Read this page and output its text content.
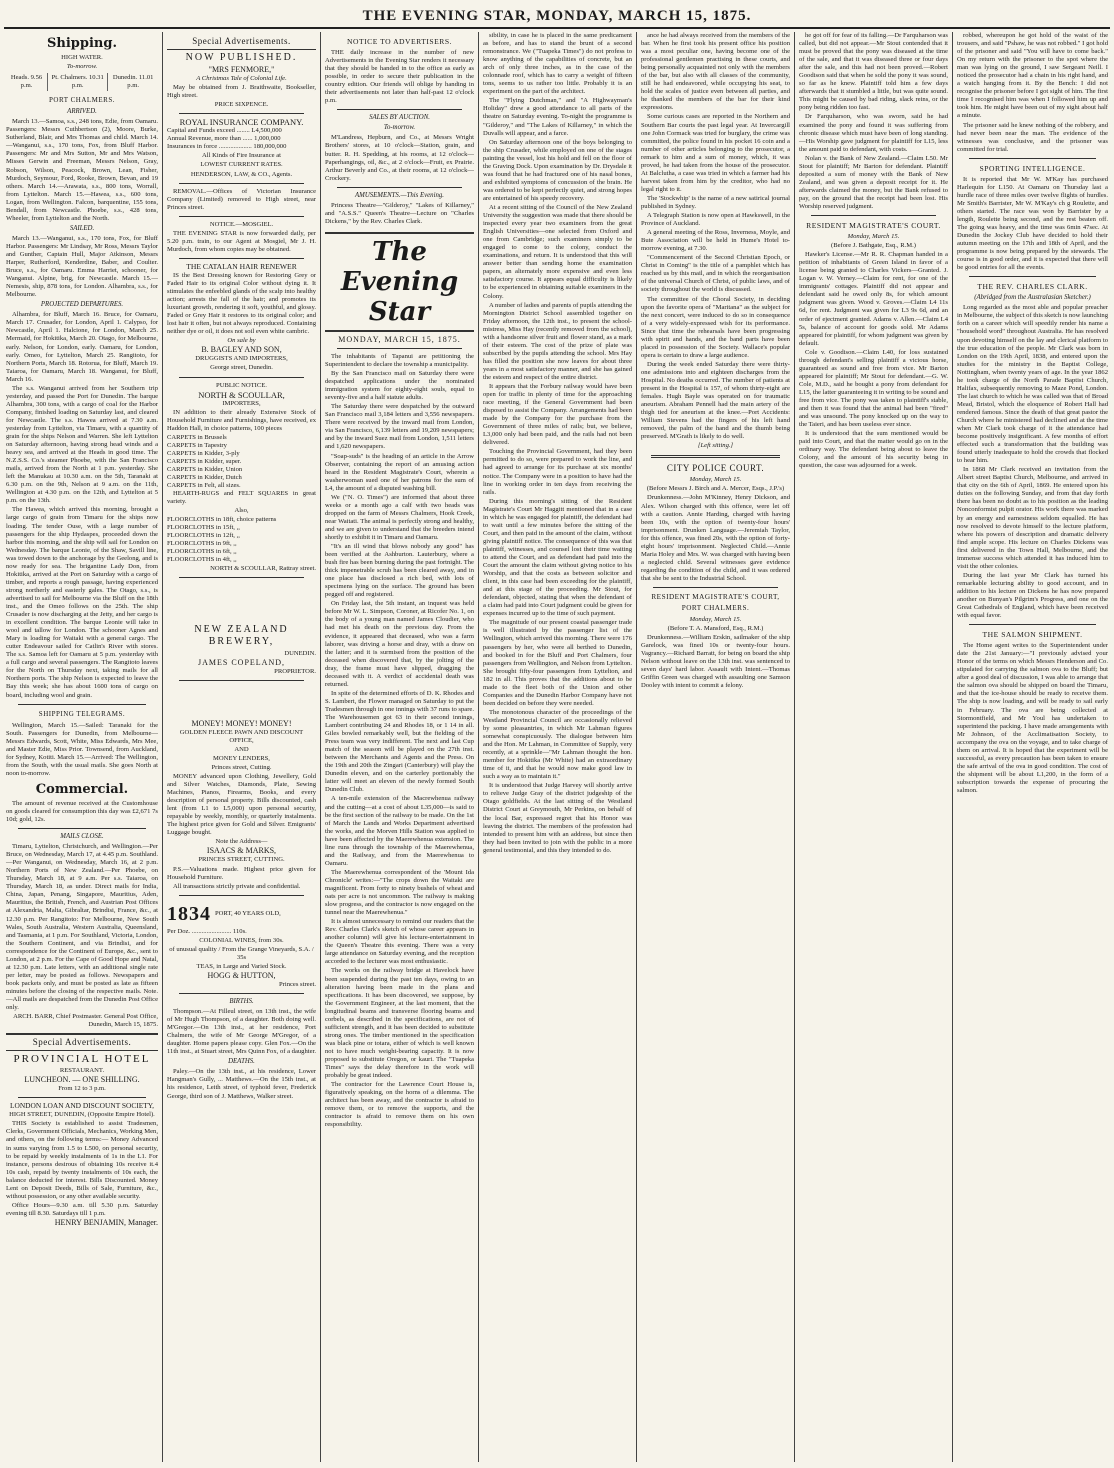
THE EVENING STAR, MONDAY, MARCH 15, 1875.
Shipping.
HIGH WATER.
To-morrow.
Heads. 9.56 p.m.	Pt. Chalmers. 10.31 p.m.	Dunedin. 11.01 p.m.
PORT CHALMERS.
ARRIVED.
March 13.—Samoa, s.s., 248 tons, Edie, from Oamaru. Passengers: Messrs Cuthbertson (2), Moore, Burke, Sutherland, Blair, and Mrs Thomas and child. March 14.—Wanganui, s.s., 170 tons, Fox, from Bluff Harbor. Passengers: Mr and Mrs Sutton, Mr and Mrs Watson, Misses Gerwin and Freeman, Messrs Nelson, Gray, Robson, Wilson, Peacock, Brown, Lean, Fisher, Murdoch, Seymour, Ford, Rooke, Brown, Bevan, and 19 others. March 14.—Arawata, s.s., 800 tons, Worrall, from Lyttelton. March 15.—Hawea, s.s., 600 tons, Logan, from Wellington. Falcon, barquentine, 155 tons, Bendall, from Newcastle. Phoebe, s.s., 428 tons, Wheeler, from Lyttelton and the North.
SAILED.
March 13.—Wanganui, s.s., 170 tons, Fox, for Bluff Harbor. Passengers: Mr Lindsay, Mr Ross, Messrs Taylor and Gunther, Captain Hull, Major Atkinson, Messrs Harper, Rutherford, Kenderdine, Baber, and Coulter. Bruce, s.s., for Oamaru. Emma Harriet, schooner, for Wanganui. Alpine, brig, for Newcastle. March 15.—Nemesis, ship, 878 tons, for London. Alhambra, s.s., for Melbourne.
PROJECTED DEPARTURES.
Alhambra, for Bluff, March 16. Bruce, for Oamaru, March 17. Crusader, for London, April 1. Calypso, for Newcastle, April 1. Halcione, for London, March 25. Mermaid, for Hokitika, March 20. Otago, for Melbourne, early. Nelson, for London, early. Oamaru, for London, early. Omeo, for Lyttelton, March 25. Rangitoto, for Northern Ports, March 18. Rotorua, for Bluff, March 19. Taiaroa, for Oamaru, March 18. Wanganui, for Bluff, March 16.
The s.s. Wanganui arrived from her Southern trip yesterday, and passed the Port for Dunedin. The barque Alhambra, 300 tons, with a cargo of coal for the Harbor Company, finished loading on Saturday last, and cleared for Newcastle. The s.s. Hawea arrived at 7.30 a.m. yesterday from Lyttelton, via Timaru, with a quantity of grain for the ships Nelson and Warren. She left Lyttelton on Saturday afternoon, having strong head winds and a heavy sea, and arrived at the Heads in good time. The N.Z.S.S. Co.'s steamer Phoebe, with the San Francisco mails, arrived from the North at 1 p.m. yesterday. She left the Manukau at 10.30 a.m. on the 5th, Taranaki at 6.30 p.m. on the 9th, Nelson at 9 a.m. on the 11th, Wellington at 4.30 p.m. on the 12th, and Lyttelton at 5 p.m. on the 13th.
The Hawea, which arrived this morning, brought a large cargo of grain from Timaru for the ships now loading. The tender Ouse, with a large number of passengers for the ship Hydaspes, proceeded down the harbor this morning, and the ship will sail for London on Wednesday. The barque Leonie, of the Shaw, Savill line, was towed down to the anchorage by the Geelong, and is now ready for sea. The brigantine Lady Don, from Hokitika, arrived at the Port on Saturday with a cargo of timber, and reports a rough passage, having experienced strong northerly and easterly gales. The Otago, s.s., is advertised to sail for Melbourne via the Bluff on the 18th inst., and the Omeo follows on the 25th. The ship Crusader is now discharging at the Jetty, and her cargo is in excellent condition. The barque Leonie will take in wool and tallow for London. The schooner Agnes and Mary is loading for Waitaki with a general cargo. The cutter Endeavour sailed for Catlin's River with stores. The s.s. Samoa left for Oamaru at 5 p.m. yesterday with a full cargo and several passengers. The Rangitoto leaves for the North on Thursday next, taking mails for all Northern ports. The ship Nelson is expected to leave the Bay this week; she has about 1600 tons of cargo on board, including wool and grain.
SHIPPING TELEGRAMS.
Wellington, March 15.—Sailed: Taranaki for the South. Passengers for Dunedin, from Melbourne—Messrs Edwards, Scott, White, Miss Edwards, Mrs Mee, and Master Edie, Miss Prior. Townsend, from Auckland, for Sydney, Kotiti. March 15.—Arrived: The Wellington, from the South, with the usual mails. She goes North at noon to-morrow.
Commercial.
The amount of revenue received at the Customhouse on goods cleared for consumption this day was £2,671 7s 10d; gold, 12s.
MAILS CLOSE.
Timaru, Lyttelton, Christchurch, and Wellington.—Per Bruce, on Wednesday, March 17, at 4.45 p.m. Southland.—Per Wanganui, on Wednesday, March 16, at 2 p.m. Northern Ports of New Zealand.—Per Phoebe, on Thursday, March 18, at 9 a.m. Per s.s. Taiaroa, on Thursday, March 18, as under. Direct mails for India, China, Japan, Penang, Singapore, Mauritius, Aden, Mauritius, the British, French, and Austrian Post Offices at Alexandria, Malta, Gibraltar, Brindisi, France, &c., at 12.30 p.m. Per Rangitoto: For Melbourne, New South Wales, South Australia, Western Australia, Queensland, and Tasmania, at 1 p.m. For Southland, Victoria, London, the Southern Continent, and via Brindisi, and for correspondence for the Continent of Europe, &c., sent to London, at 2 p.m. For the Cape of Good Hope and Natal, at 12.30 p.m. Late letters, with an additional single rate per letter, may be posted as follows. Newspapers and book packets only, and must be posted as late as fifteen minutes before the closing of the respective mails. Note.—All mails are despatched from the Dunedin Post Office only.
ARCH. BARR, Chief Postmaster. General Post Office, Dunedin, March 15, 1875.
Special Advertisements.
PROVINCIAL HOTEL
RESTAURANT.
LUNCHEON. — ONE SHILLING.
From 12 to 3 p.m.
LONDON LOAN AND DISCOUNT SOCIETY,
HIGH STREET, DUNEDIN, (Opposite Empire Hotel).
THIS Society is established to assist Tradesmen, Clerks, Government Officials, Mechanics, Working Men, and others, on the following terms:— Money Advanced in sums varying from 1.5 to L500, on personal security, to be repaid by weekly instalments of 1s in the L1. For instance, persons desirous of obtaining 10s receive it.4 10s cash, repaid by twenty instalments of 10s each, the balance deducted for interest. Bills Discounted. Money Lent on Deposit Deeds, Bills of Sale, Furniture, &c., without possession, or any other available security.
Office Hours—9.30 a.m. till 5.30 p.m. Saturday evening till 8.30. Saturdays till 1 p.m.
HENRY BENJAMIN, Manager.
Special Advertisements.
NOW PUBLISHED.
"MRS FENMORE,"
A Christmas Tale of Colonial Life.
May be obtained from J. Braithwaite, Bookseller, High street.
PRICE SIXPENCE.
ROYAL INSURANCE COMPANY.
Capital and Funds exceed ........ L4,500,000
Annual Revenue, more than ...... 1,000,000
Insurances in force .................... 180,000,000
All Kinds of Fire Insurance at
LOWEST CURRENT RATES.
HENDERSON, LAW, & CO., Agents.
REMOVAL.—Offices of Victorian Insurance Company (Limited) removed to High street, near Princes street.
NOTICE.—MOSGIEL.
THE EVENING STAR is now forwarded daily, per 5.20 p.m. train, to our Agent at Mosgiel, Mr J. H. Murdoch, from whom copies may be obtained.
THE CATALAN HAIR RENEWER
IS the Best Dressing known for Restoring Grey or Faded Hair to its original Color without dying it. It stimulates the enfeebled glands of the scalp into healthy action; arrests the fall of the hair; and promotes its luxuriant growth, rendering it soft, youthful, and glossy. Faded or Grey Hair it restores to its original color; and lost hair it often, but not always reproduced. Containing neither dye or oil, it does not soil even white cambric.
On sale by
B. BAGLEY AND SON,
DRUGGISTS AND IMPORTERS,
George street, Dunedin.
PUBLIC NOTICE.
NORTH & SCOULLAR,
IMPORTERS,
IN addition to their already Extensive Stock of Household Furniture and Furnishings, have received, ex Haddon Hall, in choice patterns, 100 pieces
CARPETS in Brussels
CARPETS in Tapestry
CARPETS in Kidder, 3-ply
CARPETS in Kidder, super.
CARPETS in Kidder, Union
CARPETS in Kidder, Dutch
CARPETS in Felt, all sizes.
HEARTH-RUGS and FELT SQUARES in great variety.
Also,
FLOORCLOTHS in 18ft, choice patterns
FLOORCLOTHS in 15ft, ,,
FLOORCLOTHS in 12ft, ,,
FLOORCLOTHS in 9ft, ,,
FLOORCLOTHS in 6ft, ,,
FLOORCLOTHS in 4ft, ,,
NORTH & SCOULLAR, Rattray street.
NEW ZEALAND BREWERY,
DUNEDIN.
JAMES COPELAND,
PROPRIETOR.
MONEY! MONEY! MONEY!
GOLDEN FLEECE PAWN AND DISCOUNT OFFICE,
AND
MONEY LENDERS,
Princes street, Cutting.
MONEY advanced upon Clothing, Jewellery, Gold and Silver Watches, Diamonds, Plate, Sewing Machines, Pianos, Firearms, Books, and every description of personal property. Bills discounted, cash lent (from L1 to L5,000) upon personal security, repayable by weekly, monthly, or quarterly instalments. The highest price given for Gold and Silver. Emigrants' Luggage bought.
Note the Address—
ISAACS & MARKS,
PRINCES STREET, CUTTING.
P.S.—Valuations made. Highest price given for Household Furniture.
All transactions strictly private and confidential.
1834 PORT, 40 YEARS OLD,
Per Doz. ........................ 110s.
COLONIAL WINES, from 30s.
of unusual quality / From the Grange Vineyards, S.A. / 35s
TEAS, in Large and Varied Stock.
HOGG & HUTTON,
Princes street.
BIRTHS.
Thompson.—At Filleul street, on 13th inst., the wife of Mr Hugh Thompson, of a daughter. Both doing well. M'Gregor.—On 13th inst., at her residence, Port Chalmers, the wife of Mr George M'Gregor, of a daughter. Home papers please copy. Glen Fox.—On the 11th inst., at Stuart street, Mrs Quinn Fox, of a daughter.
DEATHS.
Paley.—On the 13th inst., at his residence, Lower Hangman's Gully, ... Matthews.—On the 15th inst., at his residence, Leith street, of typhoid fever, Frederick George, third son of J. Matthews, Walker street.
NOTICE TO ADVERTISERS.
THE daily increase in the number of new Advertisements in the Evening Star renders it necessary that they should be handed in to the office as early as possible, in order to secure their publication in the country edition. Our friends will oblige by handing in their advertisements not later than half-past 12 o'clock p.m.
SALES BY AUCTION.
To-morrow.
M'Landress, Hepburn, and Co., at Messrs Wright Brothers' stores, at 10 o'clock—Station, grain, and butter. R. H. Spedding, at his rooms, at 12 o'clock—Paperhangings, oil, &c., at 2 o'clock—Fruit, ex Prairie. Arthur Beverly and Co., at their rooms, at 12 o'clock—Crockery.
AMUSEMENTS.—This Evening.
Princess Theatre—"Gilderoy," "Lakes of Killarney," and "A.S.S." Queen's Theatre—Lecture on "Charles Dickens," by the Rev. Charles Clark.
The Evening Star
MONDAY, MARCH 15, 1875.
The inhabitants of Tapanui are petitioning the Superintendent to declare the township a municipality.
By the San Francisco mail on Saturday there were despatched applications under the nominated immigration system for eighty-eight souls, equal to seventy-five and a half statute adults.
The Saturday there were despatched by the outward San Francisco mail 3,184 letters and 3,556 newspapers. There were received by the inward mail from London, via San Francisco, 6,139 letters and 19,209 newspapers; and by the inward Suez mail from London, 1,511 letters and 1,620 newspapers.
"Soap-suds" is the heading of an article in the Arrow Observer, containing the report of an amusing action heard in the Resident Magistrate's Court, wherein a washerwoman sued one of her patrons for the sum of L4, the amount of a disputed washing bill.
We ("N. O. Times") are informed that about three weeks or a month ago a calf with two heads was dropped on the farm of Messrs Chalmers, Hook Creek, near Waitati. The animal is perfectly strong and healthy, and we are given to understand that the breeders intend shortly to exhibit it in Timaru and Oamaru.
"It's an ill wind that blows nobody any good" has been verified at the Ashburton. Lauterbury, where a bush fire has been burning during the past fortnight. The thick impenetrable scrub has been cleared away, and in one place has disclosed a rich bed, with lots of specimens lying on the surface. The ground has been pegged off and registered.
On Friday last, the 5th instant, an inquest was held before Mr W. L. Simpson, Coroner, at Ricofer No. 1, on the body of a young man named James Cloudier, who had met his death on the previous day. From the evidence, it appeared that deceased, who was a farm laborer, was driving a horse and dray, with a draw on the latter; and it is surmised from the position of the deceased when discovered that, by the jolting of the dray, the frame must have slipped, dragging the deceased with it. A verdict of accidental death was returned.
In spite of the determined efforts of D. K. Rhodes and S. Lambert, the Flower managed on Saturday to put the Tradesmen through in one innings with 37 runs to spare. The Warehousemen got 63 in their second innings, Lambert contributing 24 and Rhodes 18, or 1 14 in all. Giles bowled remarkably well, but the fielding of the Press team was very indifferent. The next and last Cup match of the season will be played on the 27th inst. between the Merchants and Agents and the Press. On the 19th and 20th the Zingari (Canterbury) will play the Dunedin eleven, and on the carterley portionably the latter will meet an eleven of the newly formed South Dunedin Club.
A ten-mile extension of the Macrewhenua railway and the cutting—at a cost of about L35,000—is said to be the first section of the railway to be made. On the 1st of March the Lands and Works Department advertised the works, and the Morven Hills Station was applied to have been affected by the Maerewhenua extension. The line runs through the township of the Maerewhenua, and the Railway, and from the Maerewhenua to Oamaru.
The Maerewhenua correspondent of the 'Mount Ida Chronicle' writes:—"The crops down the Waitaki are magnificent. From forty to ninety bushels of wheat and oats per acre is not uncommon. The railway is making slow progress, and the contractor is now engaged on the tunnel near the Maerewhenua."
It is almost unnecessary to remind our readers that the Rev. Charles Clark's sketch of whose career appears in another column) will give his lecture-entertainment in the Queen's Theatre this evening. There was a very large attendance on Saturday evening, and the reception accorded to the lecturer was most enthusiastic.
The works on the railway bridge at Havelock have been suspended during the past ten days, owing to an alteration having been made in the plans and specifications. It has been discovered, we suppose, by the Government Engineer, at the last moment, that the longitudinal beams and transverse flooring beams and corbels, as described in the specifications, are not of sufficient strength, and it has been decided to substitute strong ones. The timber mentioned in the specification was black pine or totara, either of which is well known not to have much weight-bearing capacity. It is now proposed to substitute Oregon, or kauri. The "Tuapeka Times" says the delay therefore in the work will probably be great indeed.
The contractor for the Lawrence Court House is, figuratively speaking, on the horns of a dilemma. The architect has been away, and the contractor is afraid to remove them, or to remove the supports, and the contractor is afraid to remove them on his own responsibility.
sibility, in case he is placed in the same predicament as before, and has to stand the brunt of a second remonstrance. We ("Tuapeka Times") do not profess to know anything of the capabilities of concrete, but an arch of only three inches, as in the case of the colonnade roof, which has to carry a weight of fifteen tons, seems to us rather too little. Probably it is an experiment on the part of the architect.
The "Flying Dutchman," and "A Highwayman's Holiday" drew a good attendance to all parts of the theatre on Saturday evening. To-night the programme is "Gilderoy," and "The Lakes of Killarney," in which the Duvalls will appear, and a farce.
On Saturday afternoon one of the boys belonging to the ship Crusader, while employed on one of the stages painting the vessel, lost his hold and fell on the floor of the Graving Dock. Upon examination by Dr. Drysdale it was found that he had fractured one of his nasal bones, and exhibited symptoms of concussion of the brain. He was ordered to be kept perfectly quiet, and strong hopes are entertained of his speedy recovery.
At a recent sitting of the Council of the New Zealand University the suggestion was made that there should be inspected every year two examiners from the great English Universities—one selected from Oxford and one from Cambridge; such examiners simply to be engaged to come to the colony, conduct the examinations, and return. It is understood that this will answer better than sending home the examination papers, an alternately more expensive and even less satisfactory course. It appears equal difficulty is likely to be experienced in obtaining suitable examiners in the Colony.
A number of ladies and parents of pupils attending the Mornington District School assembled together on Friday afternoon, the 12th inst., to present the school-mistress, Miss Hay (recently removed from the school), with a handsome silver fruit and flower stand, as a mark of their esteem. The cost of the prize of plate was subscribed by the pupils attending the school. Mrs Hay has filled the position she now leaves for about three years in a most satisfactory manner, and she has gained the esteem and respect of the entire district.
It appears that the Forbury railway would have been open for traffic in plenty of time for the approaching race meeting, if the General Government had been disposed to assist the Company. Arrangements had been made by the Company for the purchase from the Government of three miles of rails; but, we believe, L3,000 only had been paid, and the rails had not been delivered.
Touching the Provincial Government, had they been permitted to do so, were prepared to work the line, and had agreed to arrange for its purchase at six months' notice. The Company were in a position to have had the line in working order in ten days from receiving the rails.
During this morning's sitting of the Resident Magistrate's Court Mr Haggitt mentioned that in a case in which he was engaged for plaintiff, the defendant had to wait until a few minutes before the sitting of the Court, and then paid in the amount of the claim, without giving plaintiff notice. The consequence of this was that plaintiff, witnesses, and counsel lost their time waiting to attend the Court, and as defendant had paid into the Court the amount the claim without giving notice to his Worship, and that the costs as between solicitor and client, in this case had been exceeding for the plaintiff, and at this stage of the proceeding. Mr Stout, for defendant, objected, stating that when the defendant of a claim had paid into Court judgment could be given for expenses incurred up to the time of such payment.
The magnitude of our present coastal passenger trade is well illustrated by the passenger list of the Wellington, which arrived this morning. There were 176 passengers by her, who were all berthed to Dunedin, and booked in for the Bluff and Port Chalmers, four passengers from Wellington, and Nelson from Lyttelton. She brought fifty-four passengers from Lyttelton, and 182 in all. This proves that the additions about to be made to the fleet both of the Union and other Companies and the Dunedin Harbor Company have not been decided on before they were needed.
The monotonous character of the proceedings of the Westland Provincial Council are occasionally relieved by some pleasantries, in which Mr Lahman figures somewhat conspicuously. The dialogue between him and the Hon. Mr Lahman, in Committee of Supply, very recently, at a sprinkle—"Mr Lahman thought the hon. member for Hokitika (Mr White) had an extraordinary time of it, and that he would now make good law in such a way as to maintain it."
It is understood that Judge Harvey will shortly arrive to relieve Judge Gray of the district judgeship of the Otago goldfields. At the last sitting of the Westland District Court at Greymouth, Mr Perkins, on behalf of the local Bar, expressed regret that his Honor was leaving the district. The members of the profession had intended to present him with an address, but since then they had been invited to join with the public in a more general testimonial, and this they intended to do.
ance he had always received from the members of the bar. When he first took his present office his position was a most peculiar one, having become one of the professional gentlemen practising in these courts, and being personally acquainted not only with the members of the bar, but also with all classes of the community, still he had endeavored, while occupying his seat, to hold the scales of justice even between all parties, and he thanked the members of the bar for their kind expressions.
Some curious cases are reported in the Northern and Southern Bar courts the past legal year. At Invercargill one John Cormack was tried for burglary, the crime was committed, the police found in his pocket 16 coin and a number of other articles belonging to the prosecutor, a remark to him and a sum of money, which, it was proved, he had taken from the house of the prosecutor. At Balclutha, a case was tried in which a farmer had his harvest taken from him by the creditor, who had no legal right to it.
The 'Stockwhip' is the name of a new satirical journal published in Sydney.
A Telegraph Station is now open at Hawkswell, in the Province of Auckland.
A general meeting of the Ross, Inverness, Moyle, and Bute Association will be held in Hume's Hotel to-morrow evening, at 7.30.
"Commencement of the Second Christian Epoch, or Christ in Coming" is the title of a pamphlet which has reached us by this mail, and in which the reorganisation of the universal Church of Christ, of public laws, and of society throughout the world is discussed.
The committee of the Choral Society, in deciding upon the favorite opera of "Maritana" as the subject for the next concert, were induced to do so in consequence of a very widely-expressed wish for its performance. Since that time the rehearsals have been progressing with spirit and hands, and the band parts have been placed in possession of the Society. Wallace's popular opera is certain to draw a large audience.
During the week ended Saturday there were thirty-one admissions into and eighteen discharges from the Hospital. No deaths occurred. The number of patients at present in the Hospital is 157, of whom thirty-eight are females. Hugh Bayle was operated on for traumatic aneurism. Abraham Pennell had the main artery of the thigh tied for aneurism at the knee.—Port Accidents: William Stevens had the fingers of his left hand removed, the palm of the hand and the thumb being preserved. M'Grath is likely to do well.
[Left sitting.]
CITY POLICE COURT.
Monday, March 15.
(Before Messrs J. Birch and A. Mercer, Esqs., J.P.'s)
Drunkenness.—John M'Kinney, Henry Dickson, and Alex. Wilson charged with this offence, were let off with a caution. Annie Harding, charged with having been 10s, with the option of twenty-four hours' imprisonment. Drunken Language.—Jeremiah Taylor, for this offence, was fined 20s, with the option of forty-eight hours' imprisonment. Neglected Child.—Annie Maria Holey and Mrs. W. was charged with having been a neglected child. Several witnesses gave evidence regarding the condition of the child, and it was ordered that she be sent to the Industrial School.
RESIDENT MAGISTRATE'S COURT, PORT CHALMERS.
Monday, March 15.
(Before T. A. Mansford, Esq., R.M.)
Drunkenness.—William Erskin, sailmaker of the ship Garelock, was fined 10s or twenty-four hours. Vagrancy.—Richard Barratt, for being on board the ship Nelson without leave on the 13th inst. was sentenced to seven days' hard labor. Assault with Intent.—Thomas Griffin Green was charged with assaulting one Samson Dooley with intent to commit a felony.
he got off for fear of its falling.—Dr Farquharson was called, but did not appear.—Mr Stout contended that it must be proved that the pony was diseased at the time of the sale, and that it was diseased three or four days after the sale, and this had not been proved.—Robert Goodison said that when he sold the pony it was sound, so far as he knew. Plaintiff told him a few days afterwards that it stumbled a little, but was quite sound. This might be caused by bad riding, slack reins, or the pony being ridden too fast.
Dr Farquharson, who was sworn, said he had examined the pony and found it was suffering from chronic disease which must have been of long standing.—His Worship gave judgment for plaintiff for L15, less the amount paid to defendant, with costs.
Nolan v. the Bank of New Zealand.—Claim L50. Mr Stout for plaintiff; Mr Barton for defendant. Plaintiff deposited a sum of money with the Bank of New Zealand, and was given a deposit receipt for it. He afterwards claimed the money, but the Bank refused to pay, on the ground that the receipt had been lost. His Worship reserved judgment.
RESIDENT MAGISTRATE'S COURT.
Monday, March 15.
(Before J. Bathgate, Esq., R.M.)
Hawker's License.—Mr R. R. Chapman handed in a petition of inhabitants of Green Island in favor of a license being granted to Charles Vickers—Granted. J. Logan v. W. Verney.—Claim for rent, for one of the immigrants' cottages. Plaintiff did not appear and defendant said he owed only 8s, for which amount judgment was given. Wood v. Groves.—Claim L4 11s 6d, for rent. Judgment was given for L3 9s 6d, and an order of ejectment granted. Adams v. Allen.—Claim L4 5s, balance of account for goods sold. Mr Adams appeared for plaintiff, for whom judgment was given by default.
Cole v. Goodison.—Claim L40, for loss sustained through defendant's selling plaintiff a vicious horse, guaranteed as sound and free from vice. Mr Barton appeared for plaintiff; Mr Stout for defendant.—G. W. Cole, M.D., said he bought a pony from defendant for L15, the latter guaranteeing it in writing to be sound and free from vice. The pony was taken to plaintiff's stable, and then it was found that the animal had been "fired" and was unsound. The pony knocked up on the way to the Taieri, and has been useless ever since.
It is understood that the sum mentioned would be paid into Court, and that the matter would go on in the ordinary way. The defendant being about to leave the Colony, and the amount of his security being in question, the case was adjourned for a week.
robbed, whereupon he got hold of the waist of the trousers, and said "Pshaw, he was not robbed." I got hold of the prisoner and said "You will have to come back." On my return with the prisoner to the spot where the man was lying on the ground, I saw Sergeant Neill. I noticed the prosecutor had a chain in his right hand, and a watch hanging from it. By the Bench: I did not recognise the prisoner before I got sight of him. The first time I recognised him was when I followed him up and took him. He might have been out of my sight about half a minute.
The prisoner said he knew nothing of the robbery, and had never been near the man. The evidence of the witnesses was conclusive, and the prisoner was committed for trial.
SPORTING INTELLIGENCE.
It is reported that Mr W. M'Kay has purchased Harlequin for L150. At Oamaru on Thursday last a hurdle race of three miles over twelve flights of hurdles. Mr Smith's Barrister, Mr W. M'Kay's ch g Roulette, and others started. The race was won by Barrister by a length, Roulette being second, and the rest beaten off. The going was heavy, and the time was 6min 47sec. At Dunedin the Jockey Club have decided to hold their autumn meeting on the 17th and 18th of April, and the programme is now being prepared by the stewards. The course is in good order, and it is expected that there will be good entries for all the events.
THE REV. CHARLES CLARK.
(Abridged from the Australasian Sketcher.)
Long regarded as the most able and popular preacher in Melbourne, the subject of this sketch is now launching forth on a career which will speedily render his name a "household word" throughout Australia. He has resolved upon devoting himself on the lay and clerical platform to the true education of the people. Mr Clark was born in London on the 19th April, 1838, and entered upon the studies for the ministry in the Baptist College, Nottingham, when twenty years of age. In the year 1862 he took charge of the North Parade Baptist Church, Halifax, subsequently removing to Maze Pond, London. The last church to which he was called was that of Broad Mead, Bristol, which the eloquence of Robert Hall had rendered famous. Since the death of that great pastor the Church where he ministered had declined and at the time when Mr Clark took charge of it the attendance had become positively insignificant. A few months of effort effected such a transformation that the building was found utterly inadequate to hold the crowds that flocked to hear him.
In 1868 Mr Clark received an invitation from the Albert street Baptist Church, Melbourne, and arrived in that city on the 6th of April, 1869. He entered upon his duties on the following Sunday, and from that day forth there has been no doubt as to his position as the leading Nonconformist pulpit orator. His work there was marked by an energy and earnestness seldom equalled. He has now resolved to devote himself to the lecture platform, where his powers of description and dramatic delivery find ample scope. His lecture on Charles Dickens was first delivered in the Town Hall, Melbourne, and the immense success which attended it has induced him to visit the other colonies.
During the last year Mr Clark has turned his remarkable lecturing ability to good account, and in addition to his lecture on Dickens he has now prepared another on Bunyan's Pilgrim's Progress, and one on the Great Cathedrals of England, which have been received with equal favor.
THE SALMON SHIPMENT.
The Home agent writes to the Superintendent under date the 21st January:—"I previously advised your Honor of the terms on which Messrs Henderson and Co. stipulated for carrying the salmon ova to the Bluff; but after a good deal of discussion, I was able to arrange that the salmon ova should be shipped on board the Timaru, and that the ice-house should be ready to receive them. The ship is now loading, and will be ready to sail early in February. The ova are being collected at Stormontfield, and Mr Youl has undertaken to superintend the packing. I have made arrangements with Mr Johnson, of the Acclimatisation Society, to accompany the ova on the voyage, and to take charge of them on arrival. It is hoped that the experiment will be successful, as every precaution has been taken to ensure the safe arrival of the ova in good condition. The cost of the shipment will be about L1,200, in the form of a subscription towards the expense of procuring the salmon.
